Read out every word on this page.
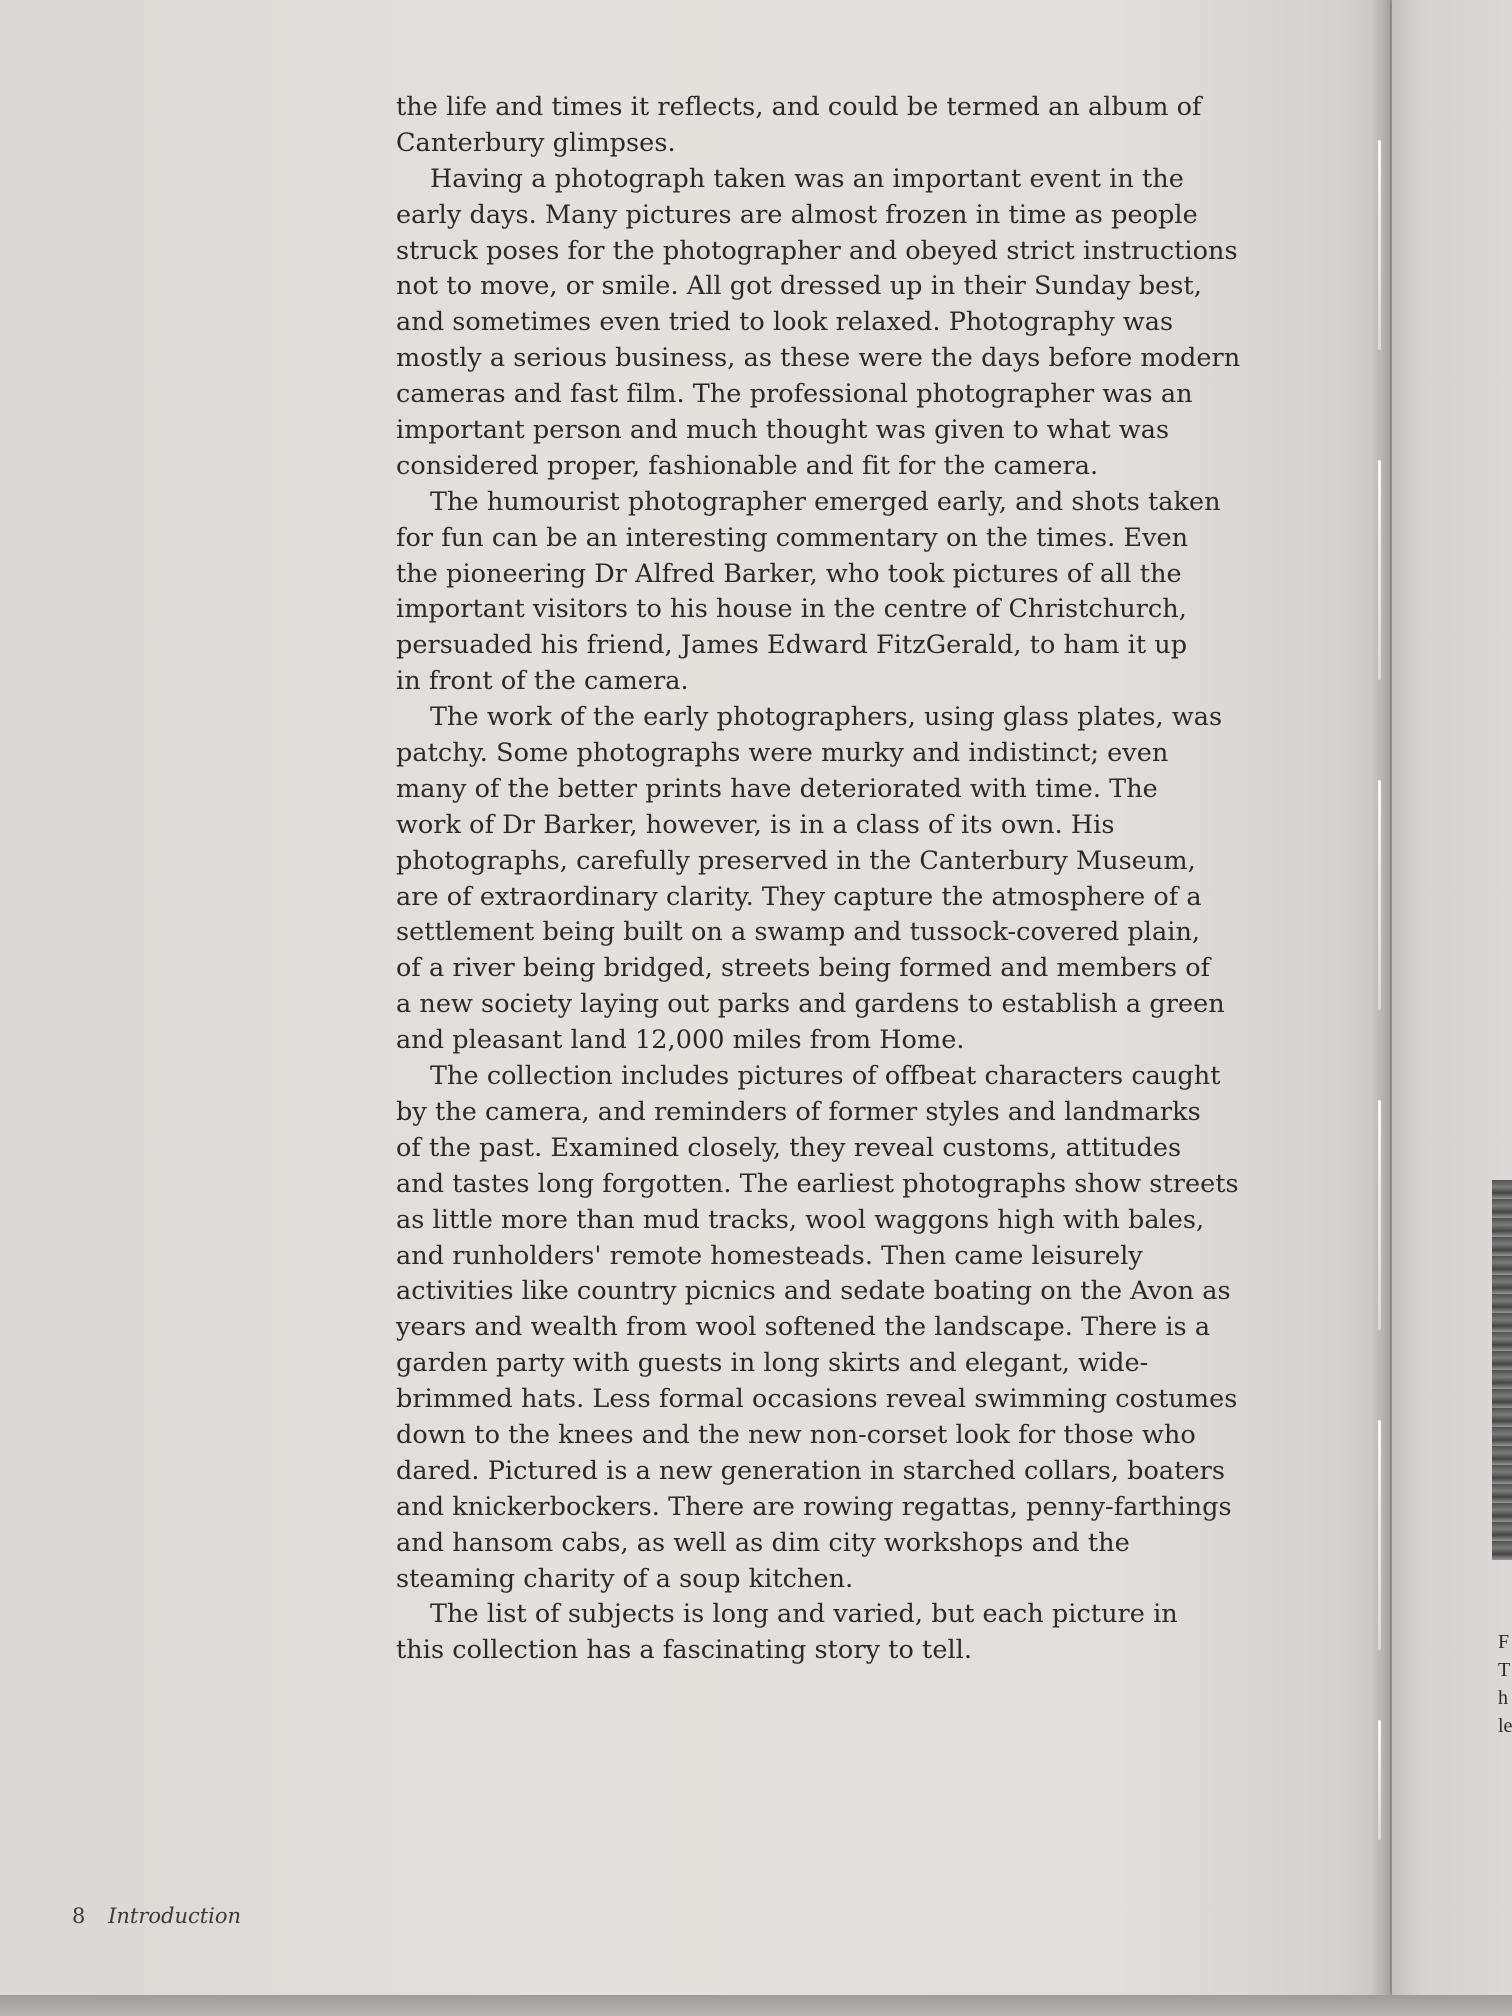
the life and times it reflects, and could be termed an album of
Canterbury glimpses.
Having a photograph taken was an important event in the
early days. Many pictures are almost frozen in time as people
struck poses for the photographer and obeyed strict instructions
not to move, or smile. All got dressed up in their Sunday best,
and sometimes even tried to look relaxed. Photography was
mostly a serious business, as these were the days before modern
cameras and fast film. The professional photographer was an
important person and much thought was given to what was
considered proper, fashionable and fit for the camera.
The humourist photographer emerged early, and shots taken
for fun can be an interesting commentary on the times. Even
the pioneering Dr Alfred Barker, who took pictures of all the
important visitors to his house in the centre of Christchurch,
persuaded his friend, James Edward FitzGerald, to ham it up
in front of the camera.
The work of the early photographers, using glass plates, was
patchy. Some photographs were murky and indistinct; even
many of the better prints have deteriorated with time. The
work of Dr Barker, however, is in a class of its own. His
photographs, carefully preserved in the Canterbury Museum,
are of extraordinary clarity. They capture the atmosphere of a
settlement being built on a swamp and tussock-covered plain,
of a river being bridged, streets being formed and members of
a new society laying out parks and gardens to establish a green
and pleasant land 12,000 miles from Home.
The collection includes pictures of offbeat characters caught
by the camera, and reminders of former styles and landmarks
of the past. Examined closely, they reveal customs, attitudes
and tastes long forgotten. The earliest photographs show streets
as little more than mud tracks, wool waggons high with bales,
and runholders' remote homesteads. Then came leisurely
activities like country picnics and sedate boating on the Avon as
years and wealth from wool softened the landscape. There is a
garden party with guests in long skirts and elegant, wide-
brimmed hats. Less formal occasions reveal swimming costumes
down to the knees and the new non-corset look for those who
dared. Pictured is a new generation in starched collars, boaters
and knickerbockers. There are rowing regattas, penny-farthings
and hansom cabs, as well as dim city workshops and the
steaming charity of a soup kitchen.
The list of subjects is long and varied, but each picture in
this collection has a fascinating story to tell.
8 Introduction
F
T
h
le
